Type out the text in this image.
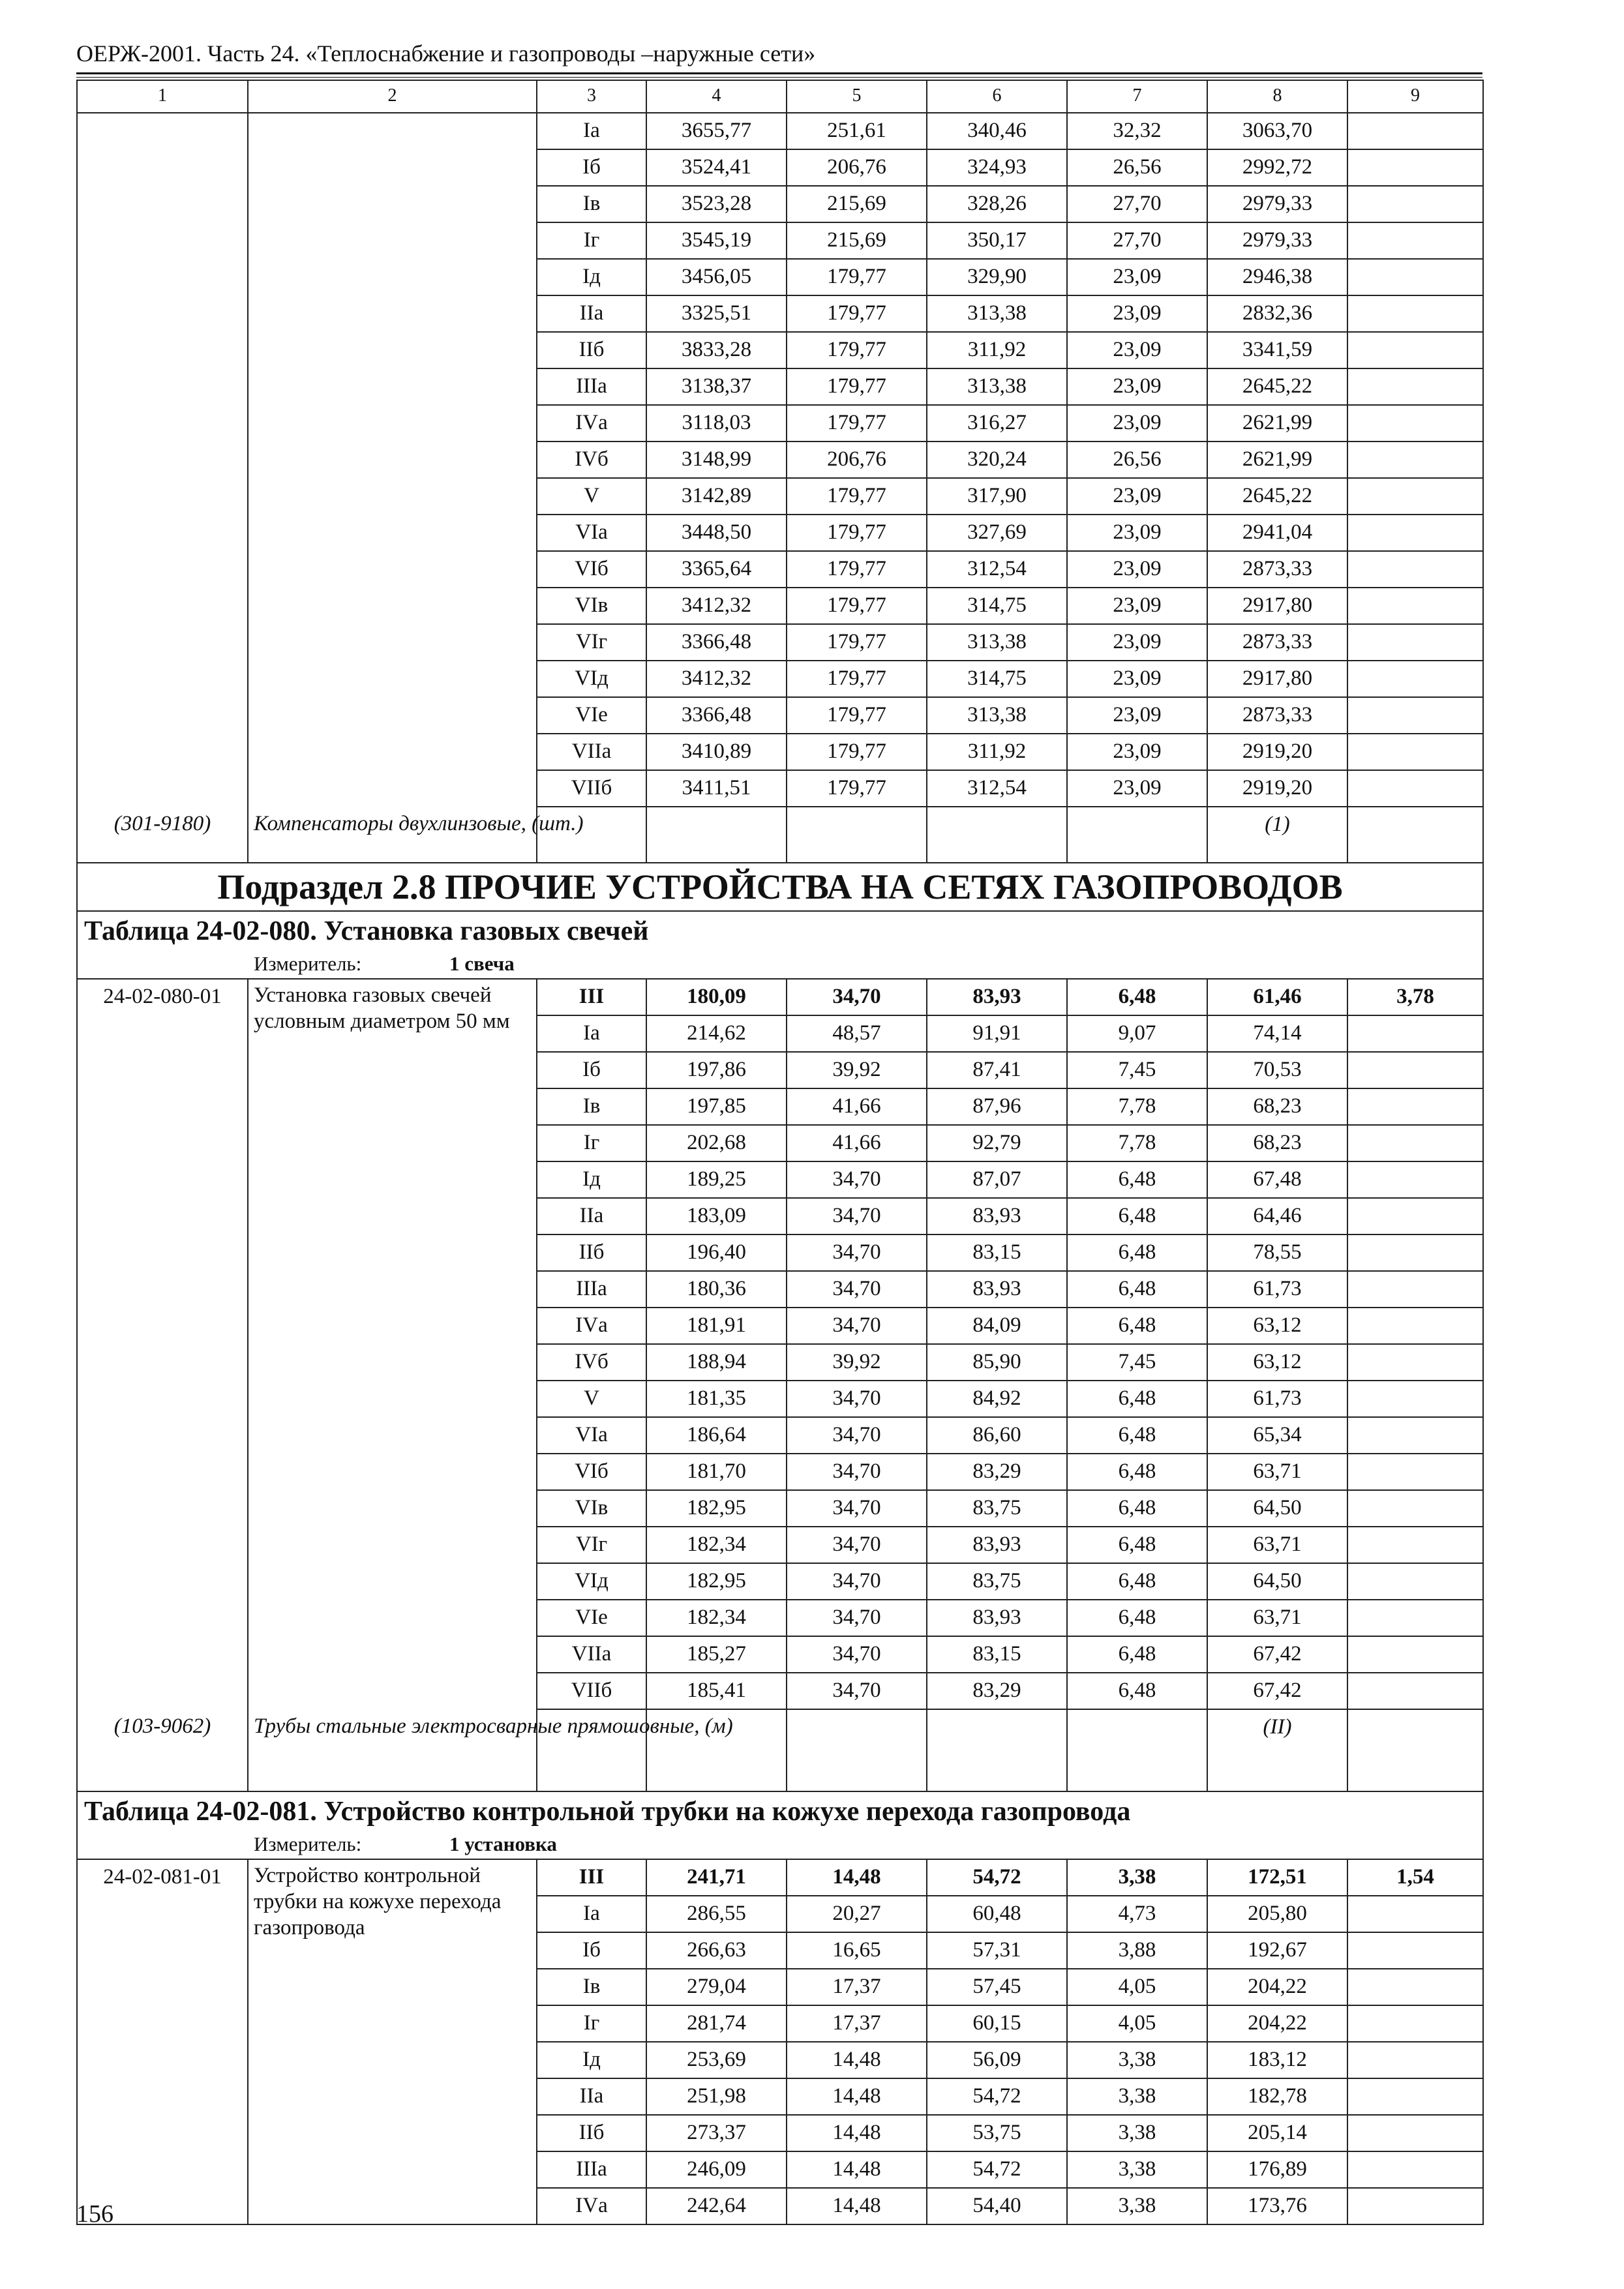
ОЕРЖ-2001. Часть 24. «Теплоснабжение и газопроводы –наружные сети»
1	2	3	4	5	6	7	8	9
		Iа	3655,77	251,61	340,46	32,32	3063,70	
		Iб	3524,41	206,76	324,93	26,56	2992,72	
		Iв	3523,28	215,69	328,26	27,70	2979,33	
		Iг	3545,19	215,69	350,17	27,70	2979,33	
		Iд	3456,05	179,77	329,90	23,09	2946,38	
		IIа	3325,51	179,77	313,38	23,09	2832,36	
		IIб	3833,28	179,77	311,92	23,09	3341,59	
		IIIа	3138,37	179,77	313,38	23,09	2645,22	
		IVа	3118,03	179,77	316,27	23,09	2621,99	
		IVб	3148,99	206,76	320,24	26,56	2621,99	
		V	3142,89	179,77	317,90	23,09	2645,22	
		VIа	3448,50	179,77	327,69	23,09	2941,04	
		VIб	3365,64	179,77	312,54	23,09	2873,33	
		VIв	3412,32	179,77	314,75	23,09	2917,80	
		VIг	3366,48	179,77	313,38	23,09	2873,33	
		VIд	3412,32	179,77	314,75	23,09	2917,80	
		VIе	3366,48	179,77	313,38	23,09	2873,33	
		VIIа	3410,89	179,77	311,92	23,09	2919,20	
		VIIб	3411,51	179,77	312,54	23,09	2919,20	
(301-9180)	Компенсаторы двухлинзовые, (шт.)						(1)	
Подраздел 2.8 ПРОЧИЕ УСТРОЙСТВА НА СЕТЯХ ГАЗОПРОВОДОВ								
Таблица 24-02-080. Установка газовых свечей								
Измеритель: 1 свеча								
24-02-080-01	Установка газовых свечей условным диаметром 50 мм	III	180,09	34,70	83,93	6,48	61,46	3,78
		Iа	214,62	48,57	91,91	9,07	74,14	
		Iб	197,86	39,92	87,41	7,45	70,53	
		Iв	197,85	41,66	87,96	7,78	68,23	
		Iг	202,68	41,66	92,79	7,78	68,23	
		Iд	189,25	34,70	87,07	6,48	67,48	
		IIа	183,09	34,70	83,93	6,48	64,46	
		IIб	196,40	34,70	83,15	6,48	78,55	
		IIIа	180,36	34,70	83,93	6,48	61,73	
		IVа	181,91	34,70	84,09	6,48	63,12	
		IVб	188,94	39,92	85,90	7,45	63,12	
		V	181,35	34,70	84,92	6,48	61,73	
		VIа	186,64	34,70	86,60	6,48	65,34	
		VIб	181,70	34,70	83,29	6,48	63,71	
		VIв	182,95	34,70	83,75	6,48	64,50	
		VIг	182,34	34,70	83,93	6,48	63,71	
		VIд	182,95	34,70	83,75	6,48	64,50	
		VIе	182,34	34,70	83,93	6,48	63,71	
		VIIа	185,27	34,70	83,15	6,48	67,42	
		VIIб	185,41	34,70	83,29	6,48	67,42	
(103-9062)	Трубы стальные электросварные прямошовные, (м)						(II)	
Таблица 24-02-081. Устройство контрольной трубки на кожухе перехода газопровода								
Измеритель: 1 установка								
24-02-081-01	Устройство контрольной трубки на кожухе перехода газопровода	III	241,71	14,48	54,72	3,38	172,51	1,54
		Iа	286,55	20,27	60,48	4,73	205,80	
		Iб	266,63	16,65	57,31	3,88	192,67	
		Iв	279,04	17,37	57,45	4,05	204,22	
		Iг	281,74	17,37	60,15	4,05	204,22	
		Iд	253,69	14,48	56,09	3,38	183,12	
		IIа	251,98	14,48	54,72	3,38	182,78	
		IIб	273,37	14,48	53,75	3,38	205,14	
		IIIа	246,09	14,48	54,72	3,38	176,89	
		IVа	242,64	14,48	54,40	3,38	173,76	
156
